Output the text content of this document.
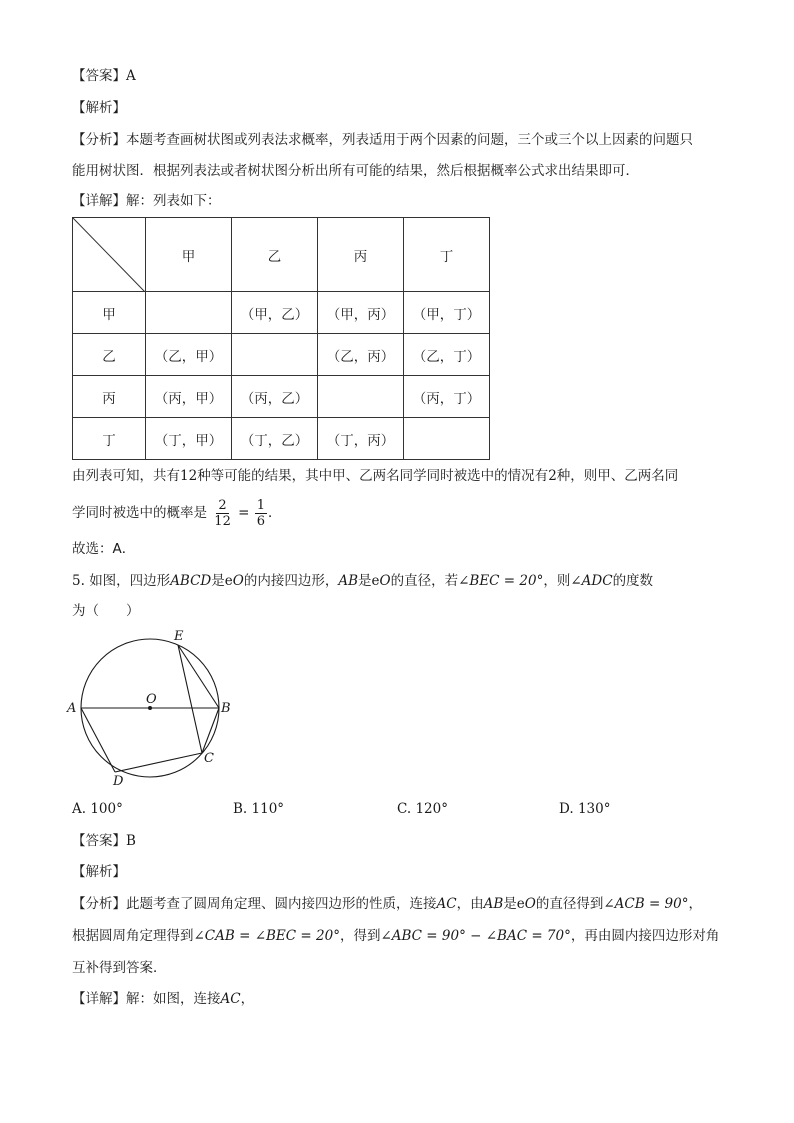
【答案】A
【解析】
【分析】本题考查画树状图或列表法求概率，列表适用于两个因素的问题，三个或三个以上因素的问题只
能用树状图．根据列表法或者树状图分析出所有可能的结果，然后根据概率公式求出结果即可．
【详解】解：列表如下：
	甲	乙	丙	丁
甲		（甲，乙）	（甲，丙）	（甲，丁）
乙	（乙，甲）		（乙，丙）	（乙，丁）
丙	（丙，甲）	（丙，乙）		（丙，丁）
丁	（丁，甲）	（丁，乙）	（丁，丙）	
由列表可知，共有12种等可能的结果，其中甲、乙两名同学同时被选中的情况有2种，则甲、乙两名同
学同时被选中的概率是 $\frac{2}{12} = \frac{1}{6}$ ．
故选：A．
5. 如图，四边形ABCD是eO的内接四边形，AB是eO的直径，若∠BEC = 20°，则∠ADC的度数
为（　　）
A	B
C
D
E
O
A. 100°	B. 110°	C. 120°	D. 130°
【答案】B
【解析】
【分析】此题考查了圆周角定理、圆内接四边形的性质，连接AC，由AB是eO的直径得到∠ACB = 90°，
根据圆周角定理得到∠CAB = ∠BEC = 20°，得到∠ABC = 90° − ∠BAC = 70°，再由圆内接四边形对角
互补得到答案．
【详解】解：如图，连接AC，
